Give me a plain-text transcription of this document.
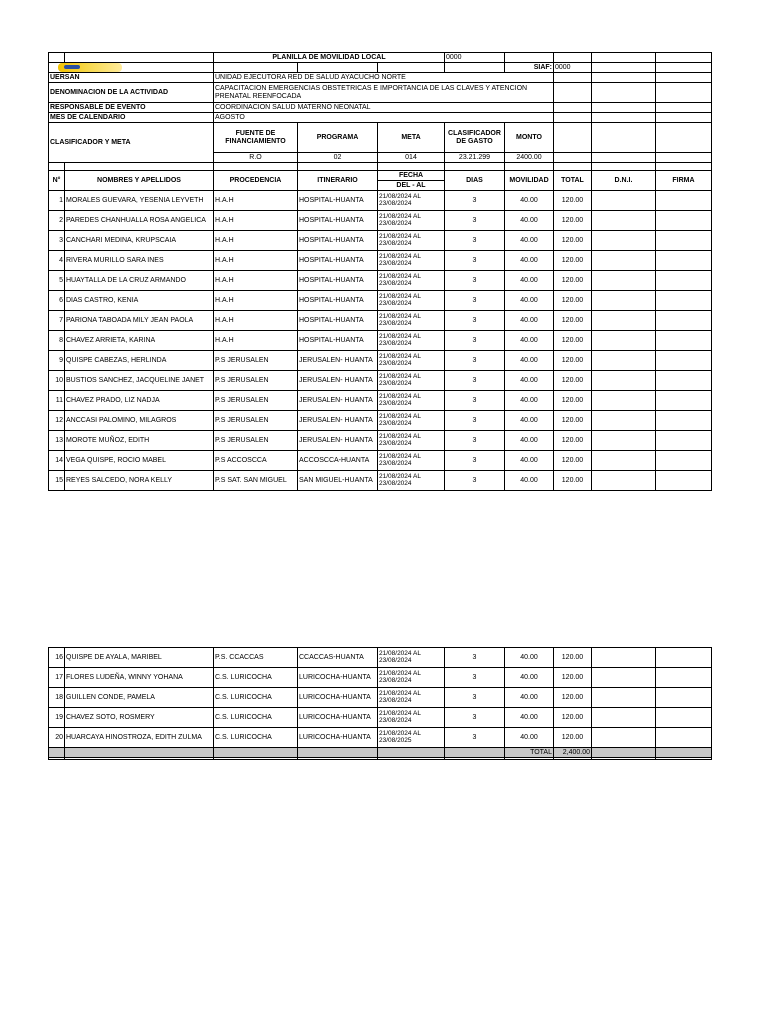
		PLANILLA DE MOVILIDAD LOCAL			0000				
						SIAF:	0000		
UERSAN		UNIDAD EJECUTORA RED DE SALUD AYACUCHO NORTE							
DENOMINACION DE LA ACTIVIDAD		CAPACITACION EMERGENCIAS OBSTETRICAS E IMPORTANCIA DE LAS CLAVES Y ATENCION PRENATAL REENFOCADA							
RESPONSABLE DE EVENTO		COORDINACION SALUD MATERNO NEONATAL							
MES DE CALENDARIO		AGOSTO							
CLASIFICADOR Y META		FUENTE DE FINANCIAMIENTO	PROGRAMA	META	CLASIFICADOR DE GASTO	MONTO			
		R.O	02	014	23.21.299	2400.00			

N°	NOMBRES Y APELLIDOS	PROCEDENCIA	ITINERARIO	FECHA	DIAS	MOVILIDAD	TOTAL	D.N.I.	FIRMA
				DEL - AL					
1	MORALES GUEVARA, YESENIA LEYVETH	H.A.H	HOSPITAL-HUANTA	21/08/2024 AL
23/08/2024	3	40.00	120.00		
2	PAREDES CHANHUALLA ROSA ANGELICA	H.A.H	HOSPITAL-HUANTA	21/08/2024 AL
23/08/2024	3	40.00	120.00		
3	CANCHARI MEDINA, KRUPSCAIA	H.A.H	HOSPITAL-HUANTA	21/08/2024 AL
23/08/2024	3	40.00	120.00		
4	RIVERA MURILLO SARA INES	H.A.H	HOSPITAL-HUANTA	21/08/2024 AL
23/08/2024	3	40.00	120.00		
5	HUAYTALLA DE LA CRUZ ARMANDO	H.A.H	HOSPITAL-HUANTA	21/08/2024 AL
23/08/2024	3	40.00	120.00		
6	DIAS CASTRO, KENIA	H.A.H	HOSPITAL-HUANTA	21/08/2024 AL
23/08/2024	3	40.00	120.00		
7	PARIONA TABOADA MILY JEAN PAOLA	H.A.H	HOSPITAL-HUANTA	21/08/2024 AL
23/08/2024	3	40.00	120.00		
8	CHAVEZ ARRIETA, KARINA	H.A.H	HOSPITAL-HUANTA	21/08/2024 AL
23/08/2024	3	40.00	120.00		
9	QUISPE CABEZAS, HERLINDA	P.S JERUSALEN	JERUSALEN- HUANTA	21/08/2024 AL
23/08/2024	3	40.00	120.00		
10	BUSTIOS SANCHEZ, JACQUELINE JANET	P.S JERUSALEN	JERUSALEN- HUANTA	21/08/2024 AL
23/08/2024	3	40.00	120.00		
11	CHAVEZ PRADO, LIZ NADJA	P.S JERUSALEN	JERUSALEN- HUANTA	21/08/2024 AL
23/08/2024	3	40.00	120.00		
12	ANCCASI PALOMINO, MILAGROS	P.S JERUSALEN	JERUSALEN- HUANTA	21/08/2024 AL
23/08/2024	3	40.00	120.00		
13	MOROTE MUÑOZ, EDITH	P.S JERUSALEN	JERUSALEN- HUANTA	21/08/2024 AL
23/08/2024	3	40.00	120.00		
14	VEGA QUISPE, ROCIO MABEL	P.S ACCOSCCA	ACCOSCCA-HUANTA	21/08/2024 AL
23/08/2024	3	40.00	120.00		
15	REYES SALCEDO, NORA KELLY	P.S SAT. SAN MIGUEL	SAN MIGUEL-HUANTA	21/08/2024 AL
23/08/2024	3	40.00	120.00		
16	QUISPE DE AYALA, MARIBEL	P.S. CCACCAS	CCACCAS-HUANTA	21/08/2024 AL
23/08/2024	3	40.00	120.00		
17	FLORES LUDEÑA, WINNY YOHANA	C.S. LURICOCHA	LURICOCHA-HUANTA	21/08/2024 AL
23/08/2024	3	40.00	120.00		
18	GUILLEN CONDE, PAMELA	C.S. LURICOCHA	LURICOCHA-HUANTA	21/08/2024 AL
23/08/2024	3	40.00	120.00		
19	CHAVEZ SOTO, ROSMERY	C.S. LURICOCHA	LURICOCHA-HUANTA	21/08/2024 AL
23/08/2024	3	40.00	120.00		
20	HUARCAYA HINOSTROZA, EDITH ZULMA	C.S. LURICOCHA	LURICOCHA-HUANTA	21/08/2024 AL
23/08/2025	3	40.00	120.00		
						TOTAL	2,400.00		
